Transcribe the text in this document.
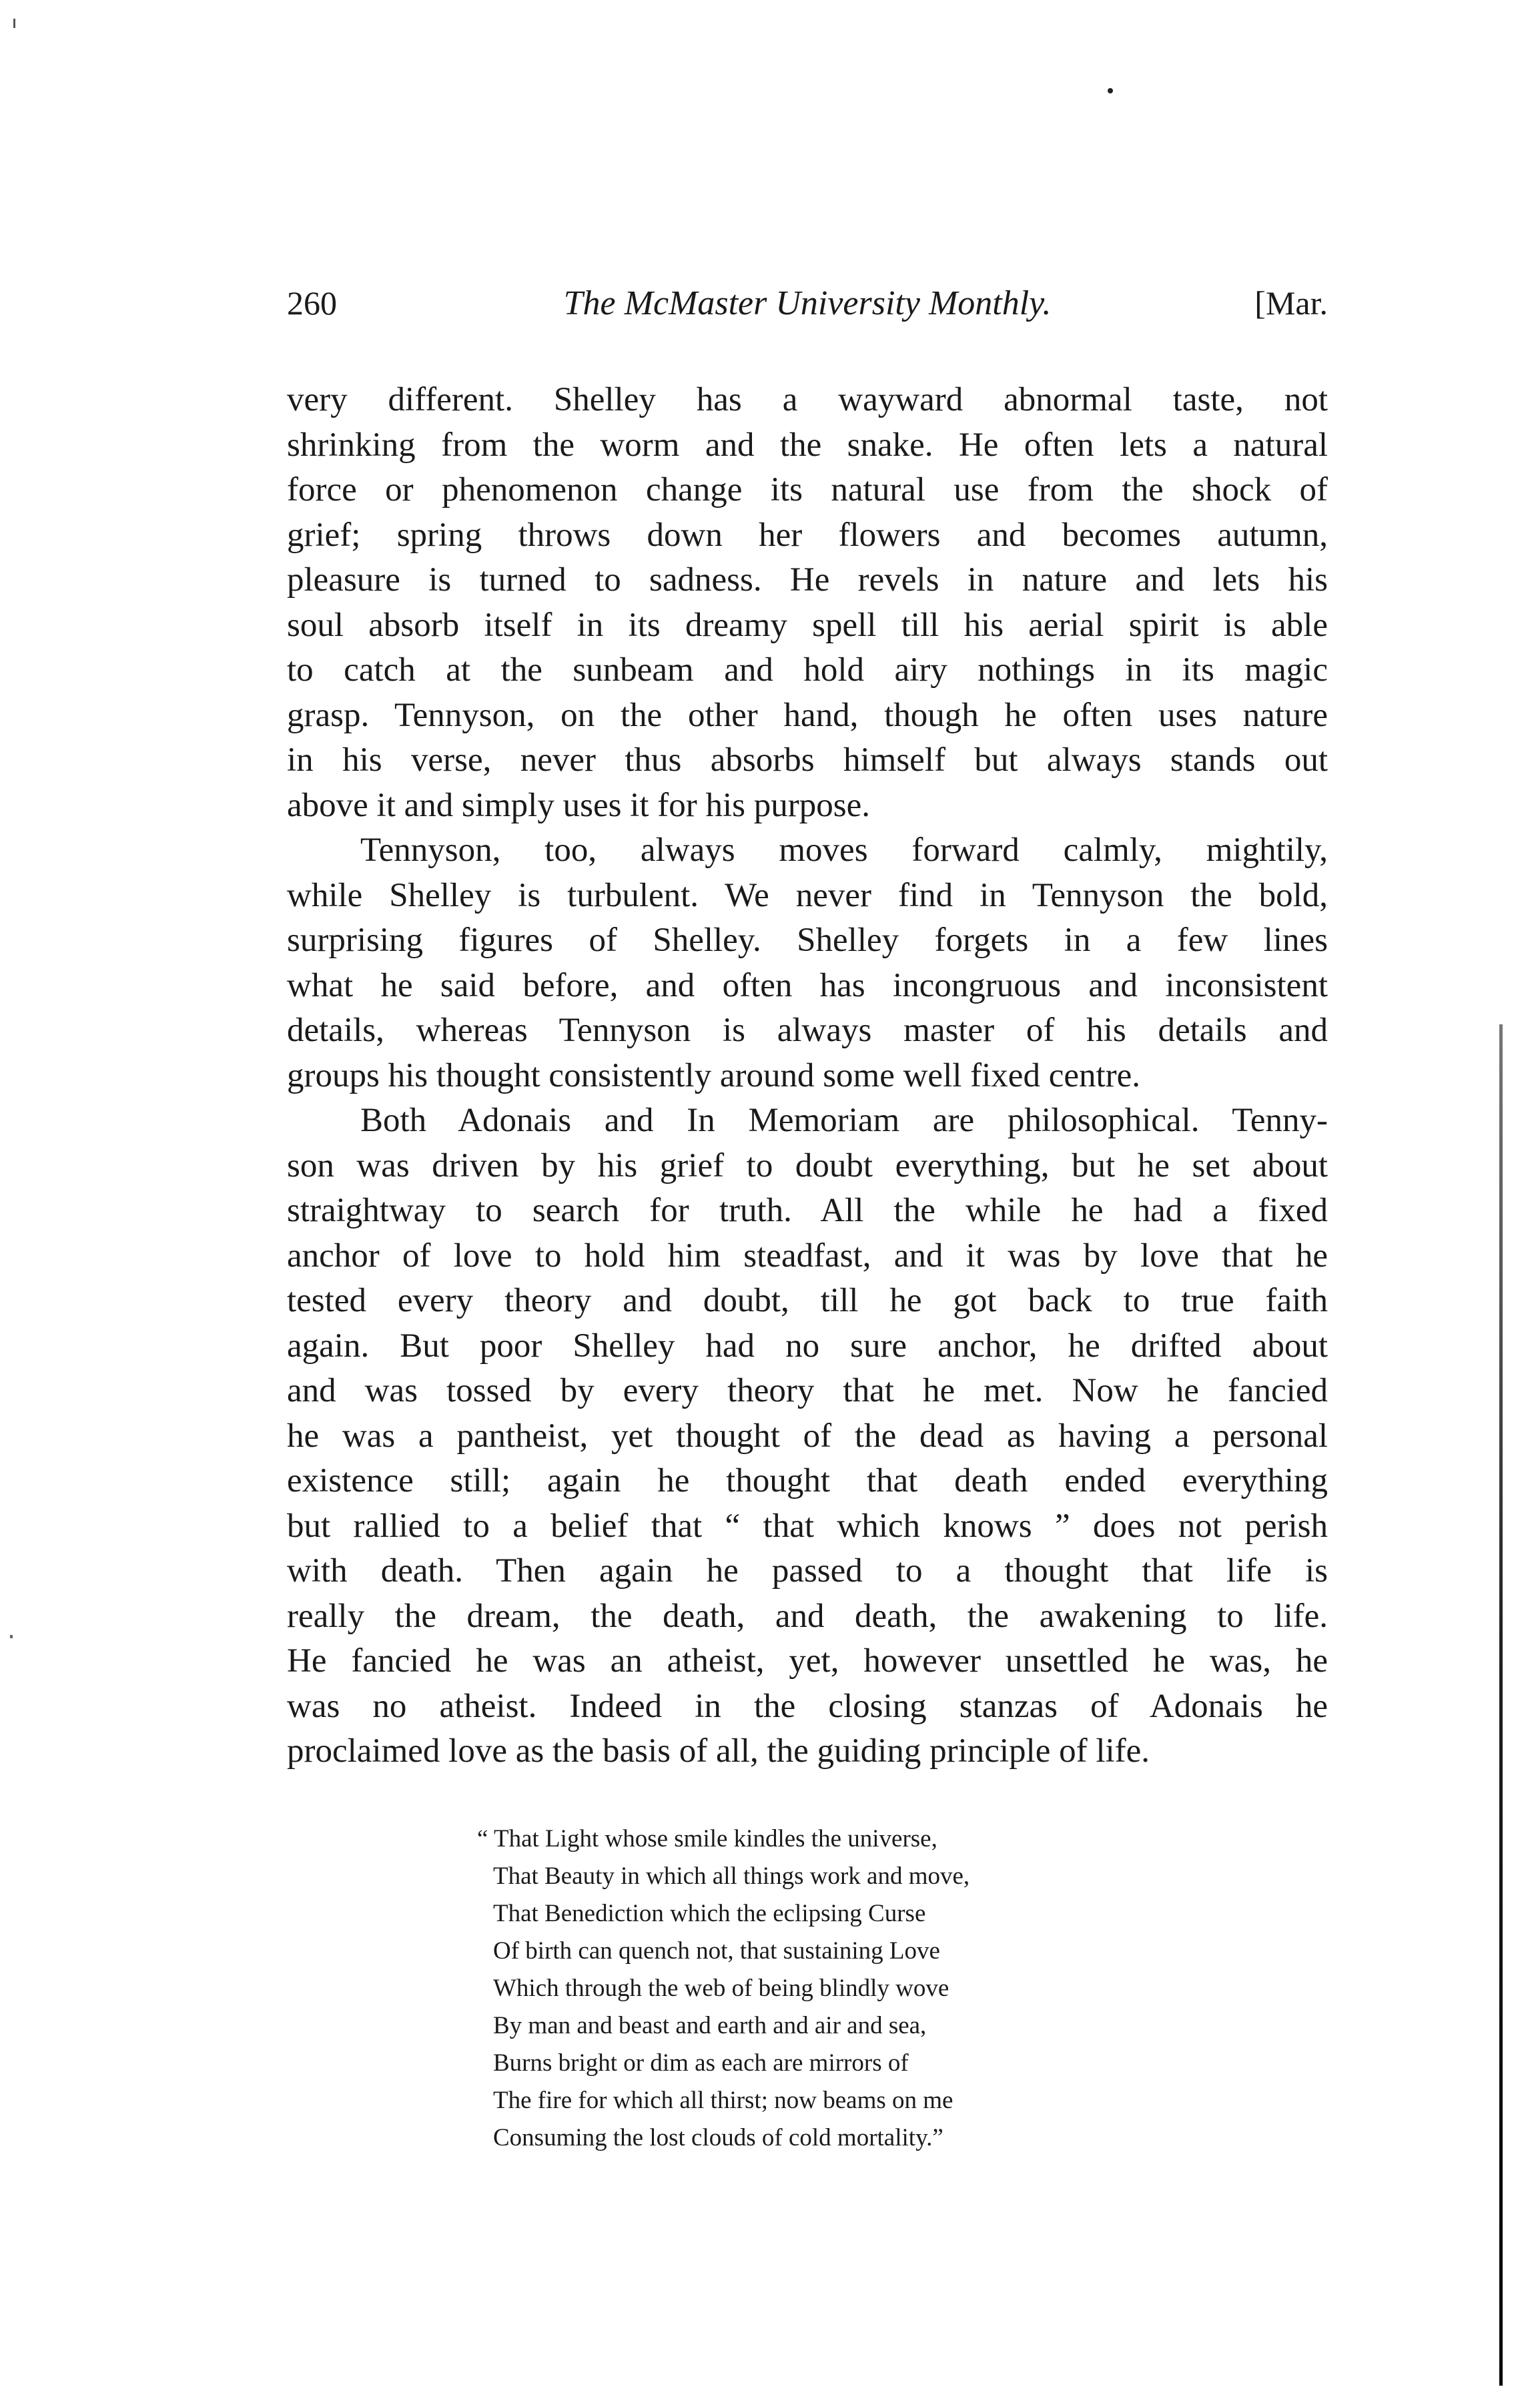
260	The McMaster University Monthly.	[Mar.
very different. Shelley has a wayward abnormal taste, not
shrinking from the worm and the snake. He often lets a natural
force or phenomenon change its natural use from the shock of
grief; spring throws down her flowers and becomes autumn,
pleasure is turned to sadness. He revels in nature and lets his
soul absorb itself in its dreamy spell till his aerial spirit is able
to catch at the sunbeam and hold airy nothings in its magic
grasp. Tennyson, on the other hand, though he often uses nature
in his verse, never thus absorbs himself but always stands out
above it and simply uses it for his purpose.
Tennyson, too, always moves forward calmly, mightily,
while Shelley is turbulent. We never find in Tennyson the bold,
surprising figures of Shelley. Shelley forgets in a few lines
what he said before, and often has incongruous and inconsistent
details, whereas Tennyson is always master of his details and
groups his thought consistently around some well fixed centre.
Both Adonais and In Memoriam are philosophical. Tenny-
son was driven by his grief to doubt everything, but he set about
straightway to search for truth. All the while he had a fixed
anchor of love to hold him steadfast, and it was by love that he
tested every theory and doubt, till he got back to true faith
again. But poor Shelley had no sure anchor, he drifted about
and was tossed by every theory that he met. Now he fancied
he was a pantheist, yet thought of the dead as having a personal
existence still; again he thought that death ended everything
but rallied to a belief that “ that which knows ” does not perish
with death. Then again he passed to a thought that life is
really the dream, the death, and death, the awakening to life.
He fancied he was an atheist, yet, however unsettled he was, he
was no atheist. Indeed in the closing stanzas of Adonais he
proclaimed love as the basis of all, the guiding principle of life.
“ That Light whose smile kindles the universe,
That Beauty in which all things work and move,
That Benediction which the eclipsing Curse
Of birth can quench not, that sustaining Love
Which through the web of being blindly wove
By man and beast and earth and air and sea,
Burns bright or dim as each are mirrors of
The fire for which all thirst; now beams on me
Consuming the lost clouds of cold mortality.”
